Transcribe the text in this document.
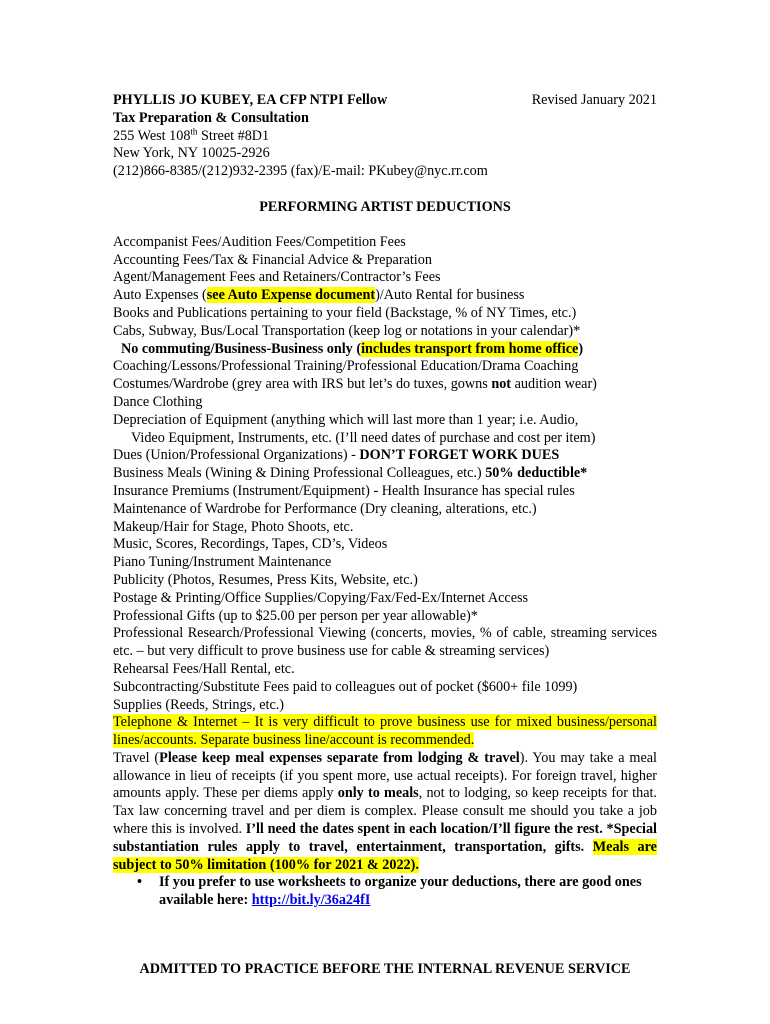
PHYLLIS JO KUBEY, EA CFP NTPI Fellow	Revised January 2021
Tax Preparation & Consultation
255 West 108th Street #8D1
New York, NY 10025-2926
(212)866-8385/(212)932-2395 (fax)/E-mail: PKubey@nyc.rr.com
PERFORMING ARTIST DEDUCTIONS
Accompanist Fees/Audition Fees/Competition Fees
Accounting Fees/Tax & Financial Advice & Preparation
Agent/Management Fees and Retainers/Contractor’s Fees
Auto Expenses (see Auto Expense document)/Auto Rental for business
Books and Publications pertaining to your field (Backstage, % of NY Times, etc.)
Cabs, Subway, Bus/Local Transportation (keep log or notations in your calendar)*
No commuting/Business-Business only (includes transport from home office)
Coaching/Lessons/Professional Training/Professional Education/Drama Coaching
Costumes/Wardrobe (grey area with IRS but let’s do tuxes, gowns not audition wear)
Dance Clothing
Depreciation of Equipment (anything which will last more than 1 year; i.e. Audio,
Video Equipment, Instruments, etc. (I’ll need dates of purchase and cost per item)
Dues (Union/Professional Organizations) - DON’T FORGET WORK DUES
Business Meals (Wining & Dining Professional Colleagues, etc.) 50% deductible*
Insurance Premiums (Instrument/Equipment) - Health Insurance has special rules
Maintenance of Wardrobe for Performance (Dry cleaning, alterations, etc.)
Makeup/Hair for Stage, Photo Shoots, etc.
Music, Scores, Recordings, Tapes, CD’s, Videos
Piano Tuning/Instrument Maintenance
Publicity (Photos, Resumes, Press Kits, Website, etc.)
Postage & Printing/Office Supplies/Copying/Fax/Fed-Ex/Internet Access
Professional Gifts (up to $25.00 per person per year allowable)*
Professional Research/Professional Viewing (concerts, movies, % of cable, streaming services etc. – but very difficult to prove business use for cable & streaming services)
Rehearsal Fees/Hall Rental, etc.
Subcontracting/Substitute Fees paid to colleagues out of pocket ($600+ file 1099)
Supplies (Reeds, Strings, etc.)
Telephone & Internet – It is very difficult to prove business use for mixed business/personal lines/accounts. Separate business line/account is recommended.
Travel (Please keep meal expenses separate from lodging & travel). You may take a meal allowance in lieu of receipts (if you spent more, use actual receipts). For foreign travel, higher amounts apply. These per diems apply only to meals, not to lodging, so keep receipts for that. Tax law concerning travel and per diem is complex. Please consult me should you take a job where this is involved. I’ll need the dates spent in each location/I’ll figure the rest. *Special substantiation rules apply to travel, entertainment, transportation, gifts. Meals are subject to 50% limitation (100% for 2021 & 2022).
•	If you prefer to use worksheets to organize your deductions, there are good ones available here: http://bit.ly/36a24fI
ADMITTED TO PRACTICE BEFORE THE INTERNAL REVENUE SERVICE
